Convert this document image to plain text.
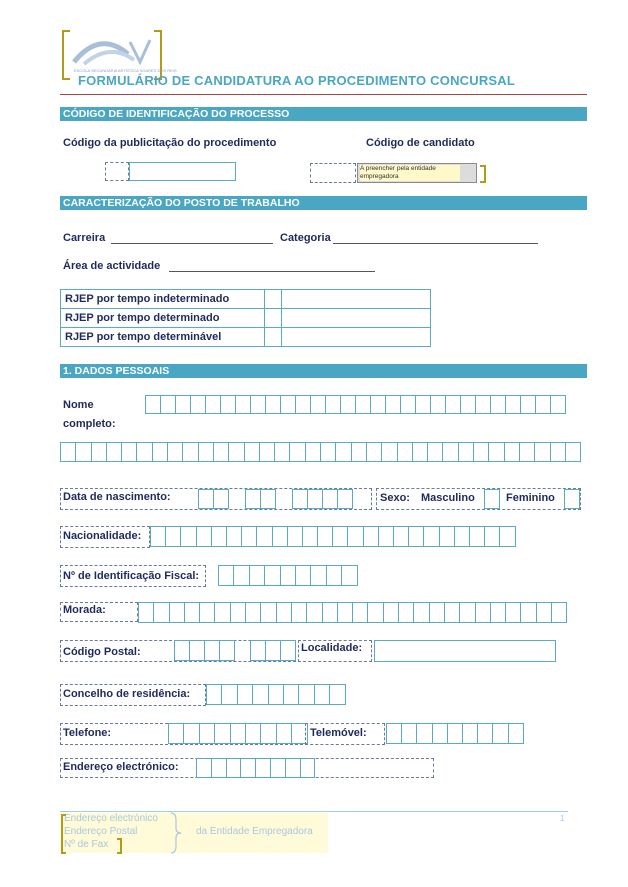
ESCOLA SECUNDÁRIA ARTÍSTICA SOARES DOS REIS
FORMULÁRIO DE CANDIDATURA AO PROCEDIMENTO CONCURSAL
CÓDIGO DE IDENTIFICAÇÃO DO PROCESSO
Código da publicitação do procedimento	Código de candidato
A preencher pela entidade empregadora
CARACTERIZAÇÃO DO POSTO DE TRABALHO
Carreira	Categoria
Área de actividade
RJEP por tempo indeterminado		
RJEP por tempo determinado		
RJEP por tempo determinável		
1. DADOS PESSOAIS
Nome completo:
Data de nascimento:	Sexo: Masculino	Feminino
Nacionalidade:
Nº de Identificação Fiscal:
Morada:
Código Postal:	Localidade:
Concelho de residência:
Telefone:	Telemóvel:
Endereço electrónico:
Endereço electrónico
Endereço Postal
Nº de Fax
da Entidade Empregadora
1
